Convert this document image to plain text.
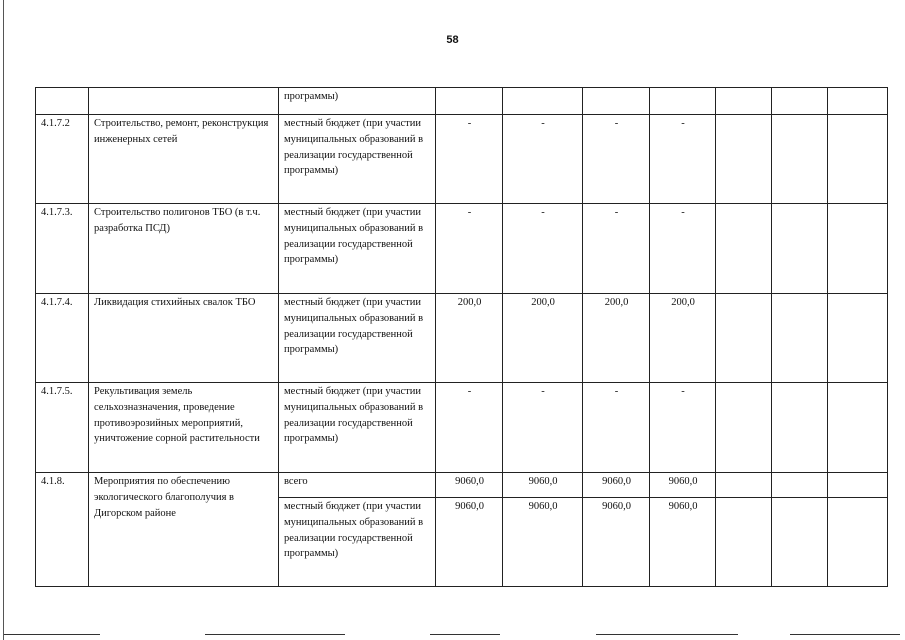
58
		программы)							
4.1.7.2	Строительство, ремонт, реконструкция инженерных сетей	местный бюджет (при участии муниципальных образований в реализации государственной программы)	-	-	-	-			
4.1.7.3.	Строительство полигонов ТБО (в т.ч. разработка ПСД)	местный бюджет (при участии муниципальных образований в реализации государственной программы)	-	-	-	-			
4.1.7.4.	Ликвидация стихийных свалок ТБО	местный бюджет (при участии муниципальных образований в реализации государственной программы)	200,0	200,0	200,0	200,0			
4.1.7.5.	Рекультивация земель сельхозназначения, проведение противоэрозийных мероприятий, уничтожение сорной растительности	местный бюджет (при участии муниципальных образований в реализации государственной программы)	-	-	-	-			
4.1.8.	Мероприятия по обеспечению экологического благополучия в Дигорском районе	всего	9060,0	9060,0	9060,0	9060,0			
		местный бюджет (при участии муниципальных образований в реализации государственной программы)	9060,0	9060,0	9060,0	9060,0			
